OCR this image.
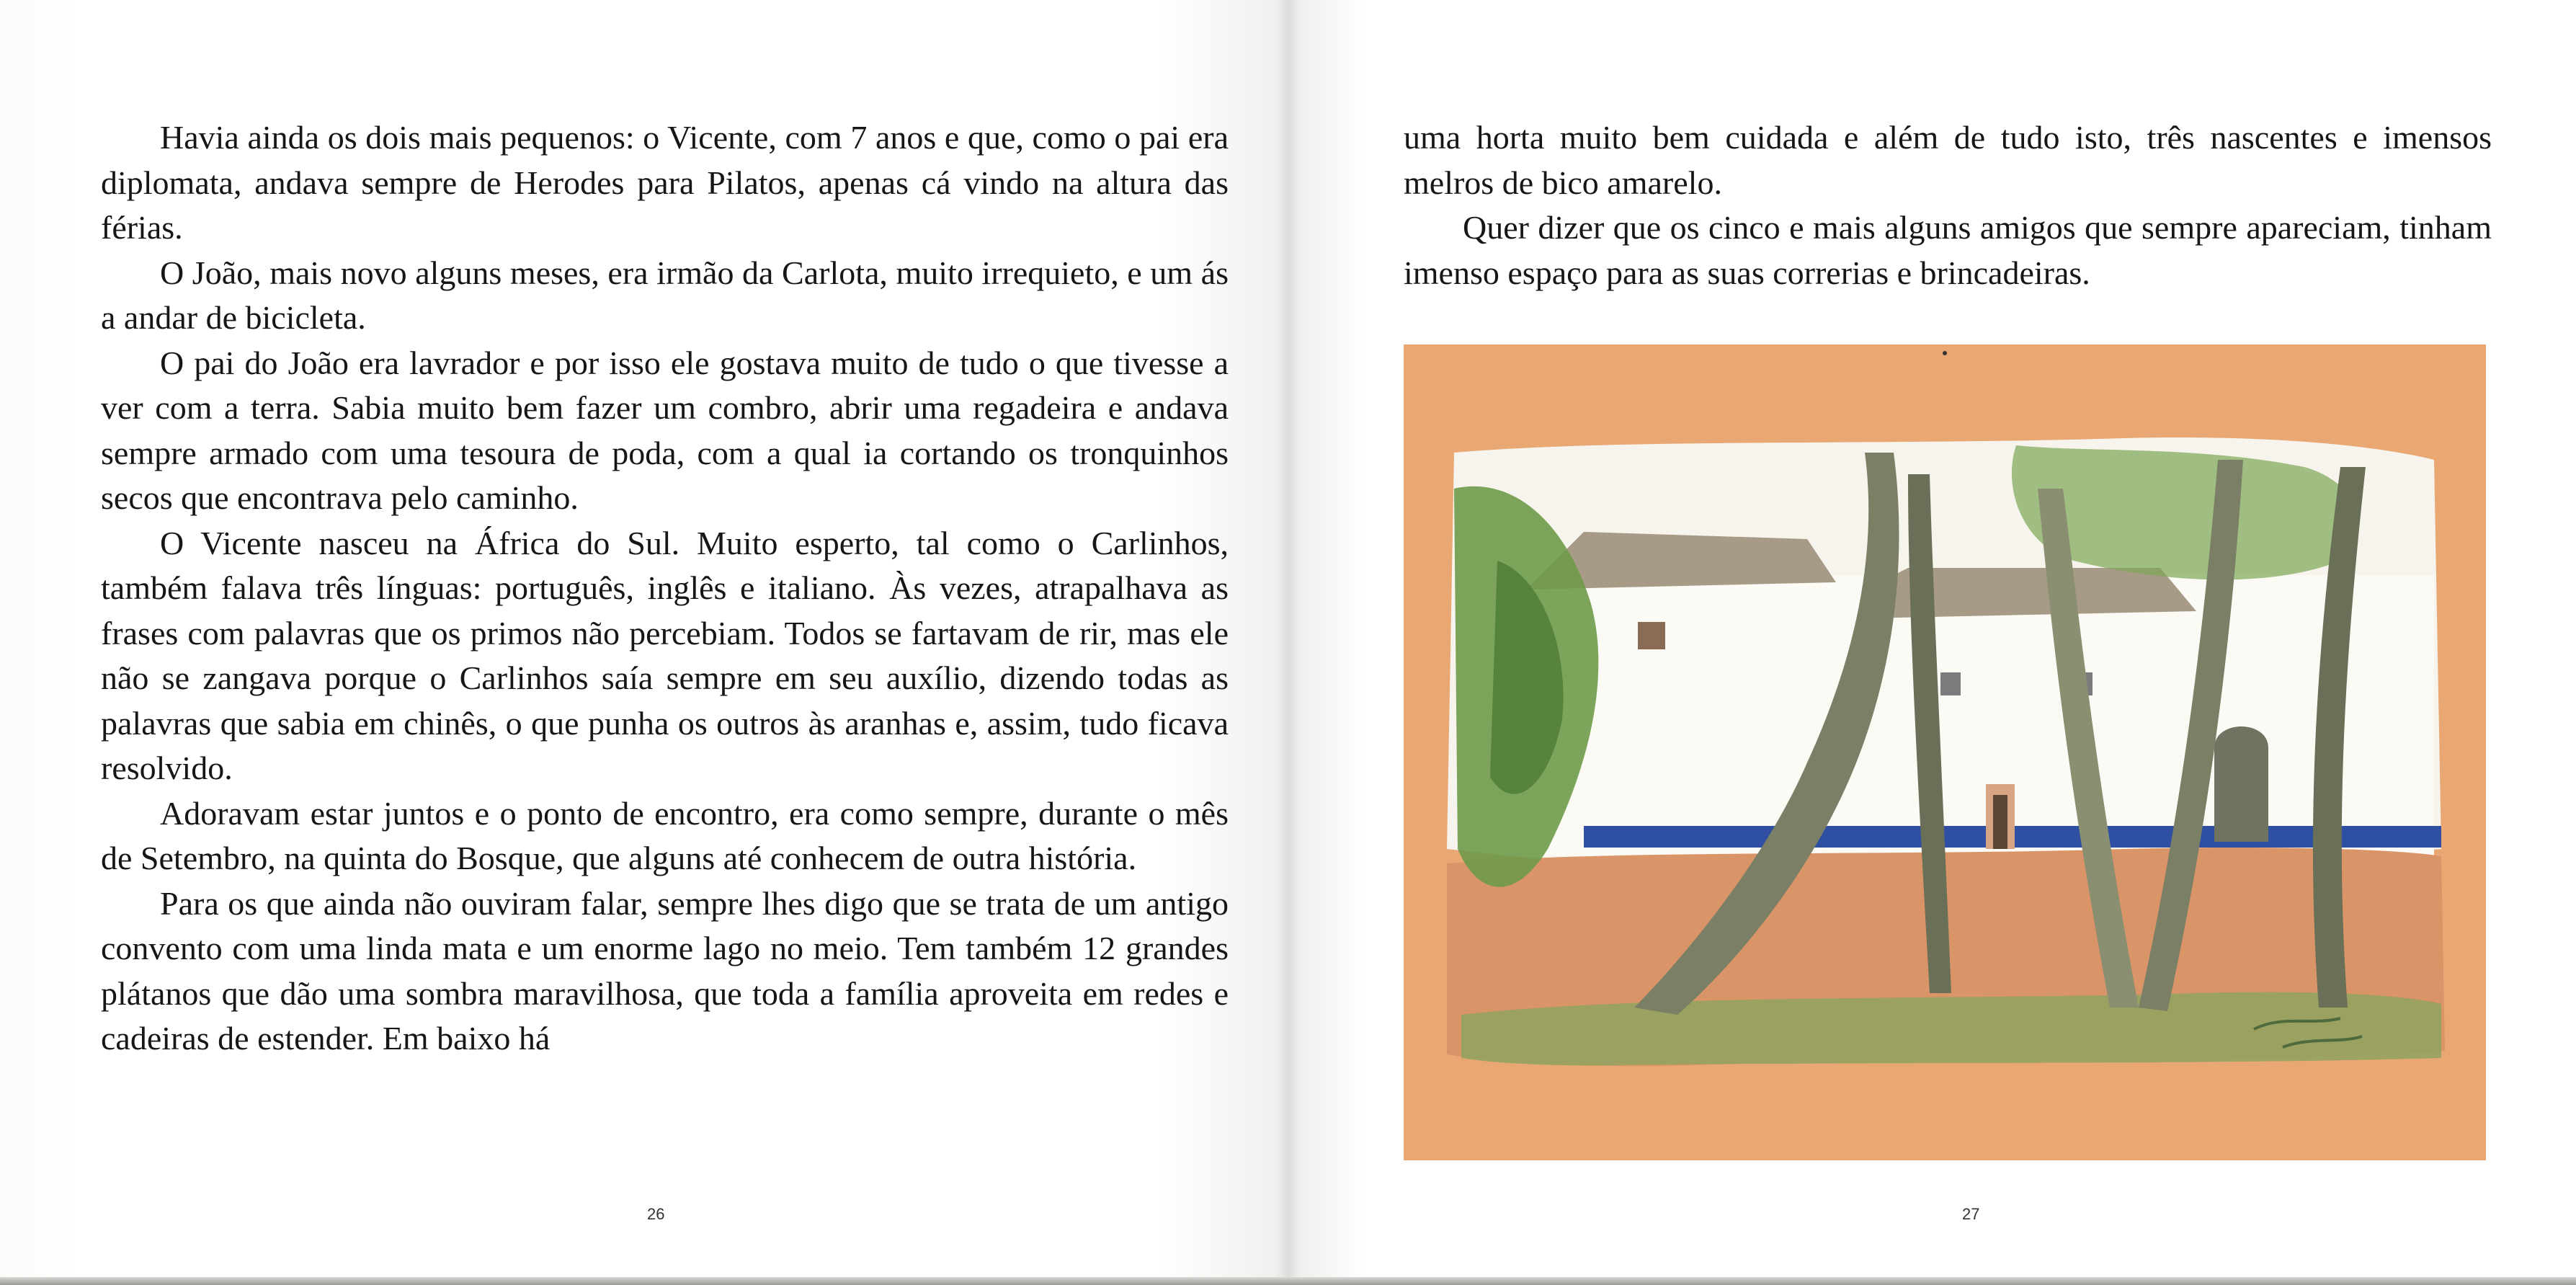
Havia ainda os dois mais pequenos: o Vicente, com 7 anos e que, como o pai era diplomata, andava sempre de Herodes para Pilatos, apenas cá vindo na altura das férias.

O João, mais novo alguns meses, era irmão da Carlota, muito irrequieto, e um ás a andar de bicicleta.

O pai do João era lavrador e por isso ele gostava muito de tudo o que tivesse a ver com a terra. Sabia muito bem fazer um combro, abrir uma regadeira e andava sempre armado com uma tesoura de poda, com a qual ia cortando os tronquinhos secos que encontrava pelo caminho.

O Vicente nasceu na África do Sul. Muito esperto, tal como o Carlinhos, também falava três línguas: português, inglês e italiano. Às vezes, atrapalhava as frases com palavras que os primos não percebiam. Todos se fartavam de rir, mas ele não se zangava porque o Carlinhos saía sempre em seu auxílio, dizendo todas as palavras que sabia em chinês, o que punha os outros às aranhas e, assim, tudo ficava resolvido.

Adoravam estar juntos e o ponto de encontro, era como sempre, durante o mês de Setembro, na quinta do Bosque, que alguns até conhecem de outra história.

Para os que ainda não ouviram falar, sempre lhes digo que se trata de um antigo convento com uma linda mata e um enorme lago no meio. Tem também 12 grandes plátanos que dão uma sombra maravilhosa, que toda a família aproveita em redes e cadeiras de estender. Em baixo há

26

uma horta muito bem cuidada e além de tudo isto, três nascentes e imensos melros de bico amarelo.

Quer dizer que os cinco e mais alguns amigos que sempre apareciam, tinham imenso espaço para as suas correrias e brincadeiras.

27
